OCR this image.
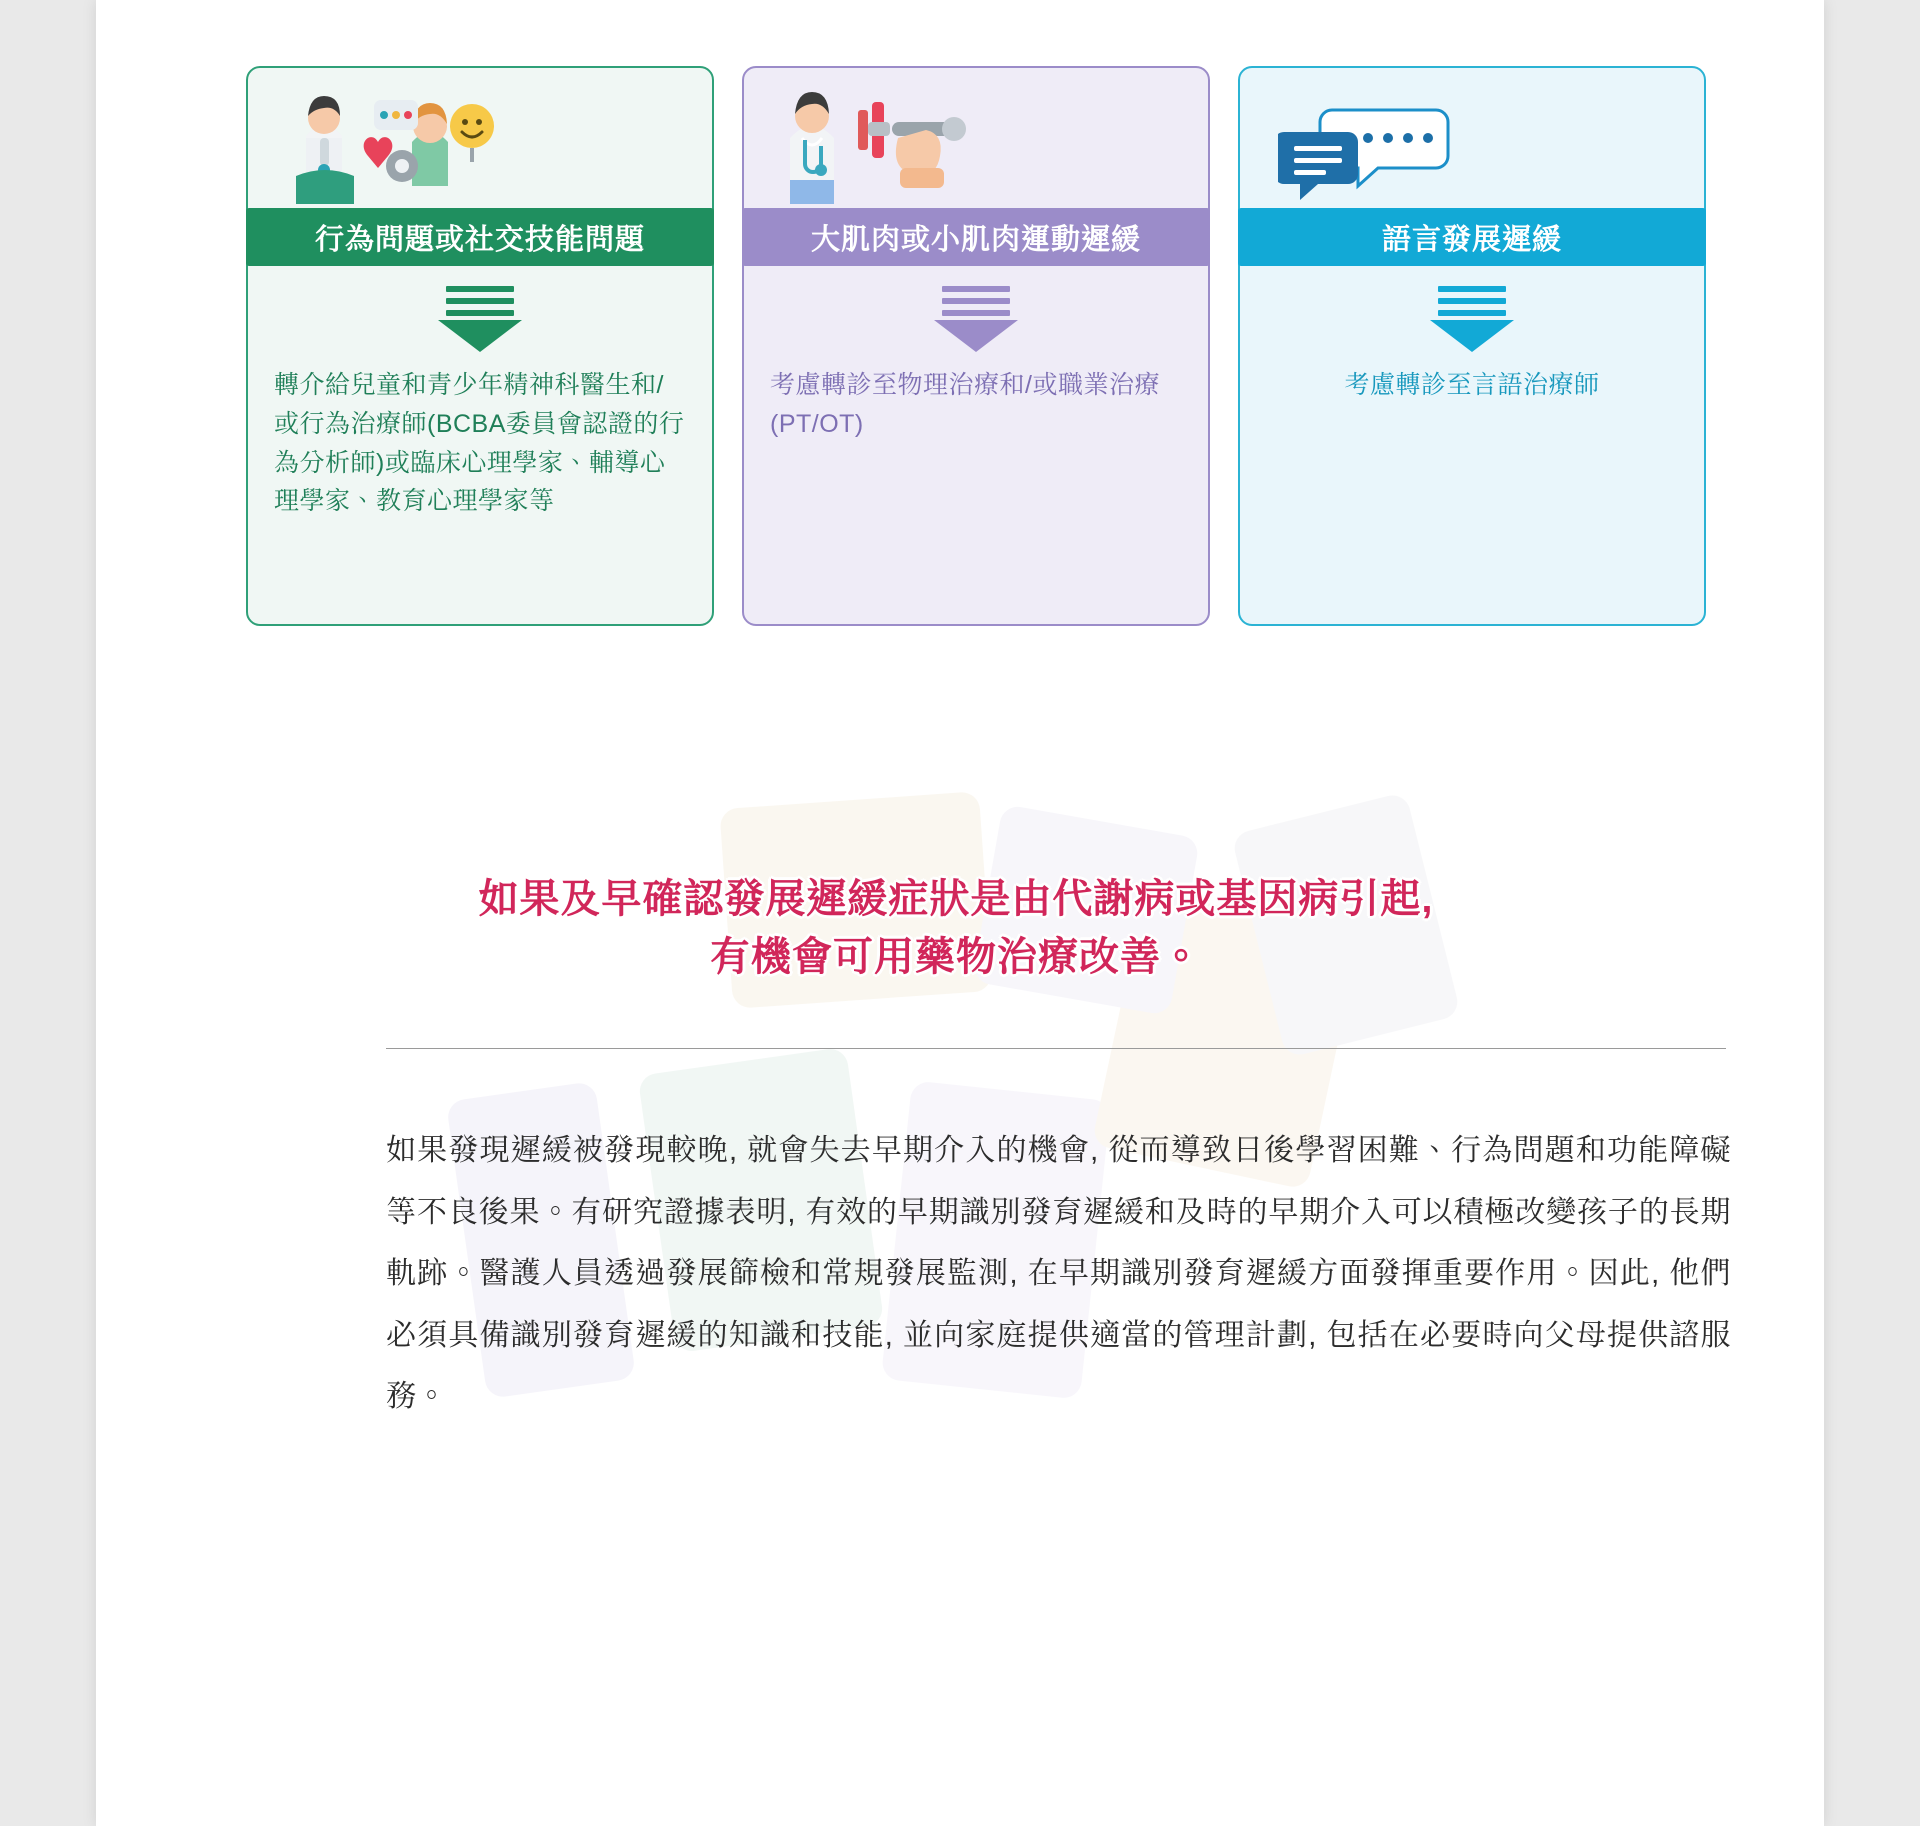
行為問題或社交技能問題
轉介給兒童和青少年精神科醫生和/或行為治療師(BCBA委員會認證的行為分析師)或臨床心理學家、輔導心理學家、教育心理學家等
大肌肉或小肌肉運動遲緩
考慮轉診至物理治療和/或職業治療 (PT/OT)
語言發展遲緩
考慮轉診至言語治療師
如果及早確認發展遲緩症狀是由代謝病或基因病引起,
有機會可用藥物治療改善。

如果發現遲緩被發現較晚, 就會失去早期介入的機會, 從而導致日後學習困難、行為問題和功能障礙等不良後果。有研究證據表明, 有效的早期識別發育遲緩和及時的早期介入可以積極改變孩子的長期軌跡。醫護人員透過發展篩檢和常規發展監測, 在早期識別發育遲緩方面發揮重要作用。因此, 他們必須具備識別發育遲緩的知識和技能, 並向家庭提供適當的管理計劃, 包括在必要時向父母提供諮服務。
